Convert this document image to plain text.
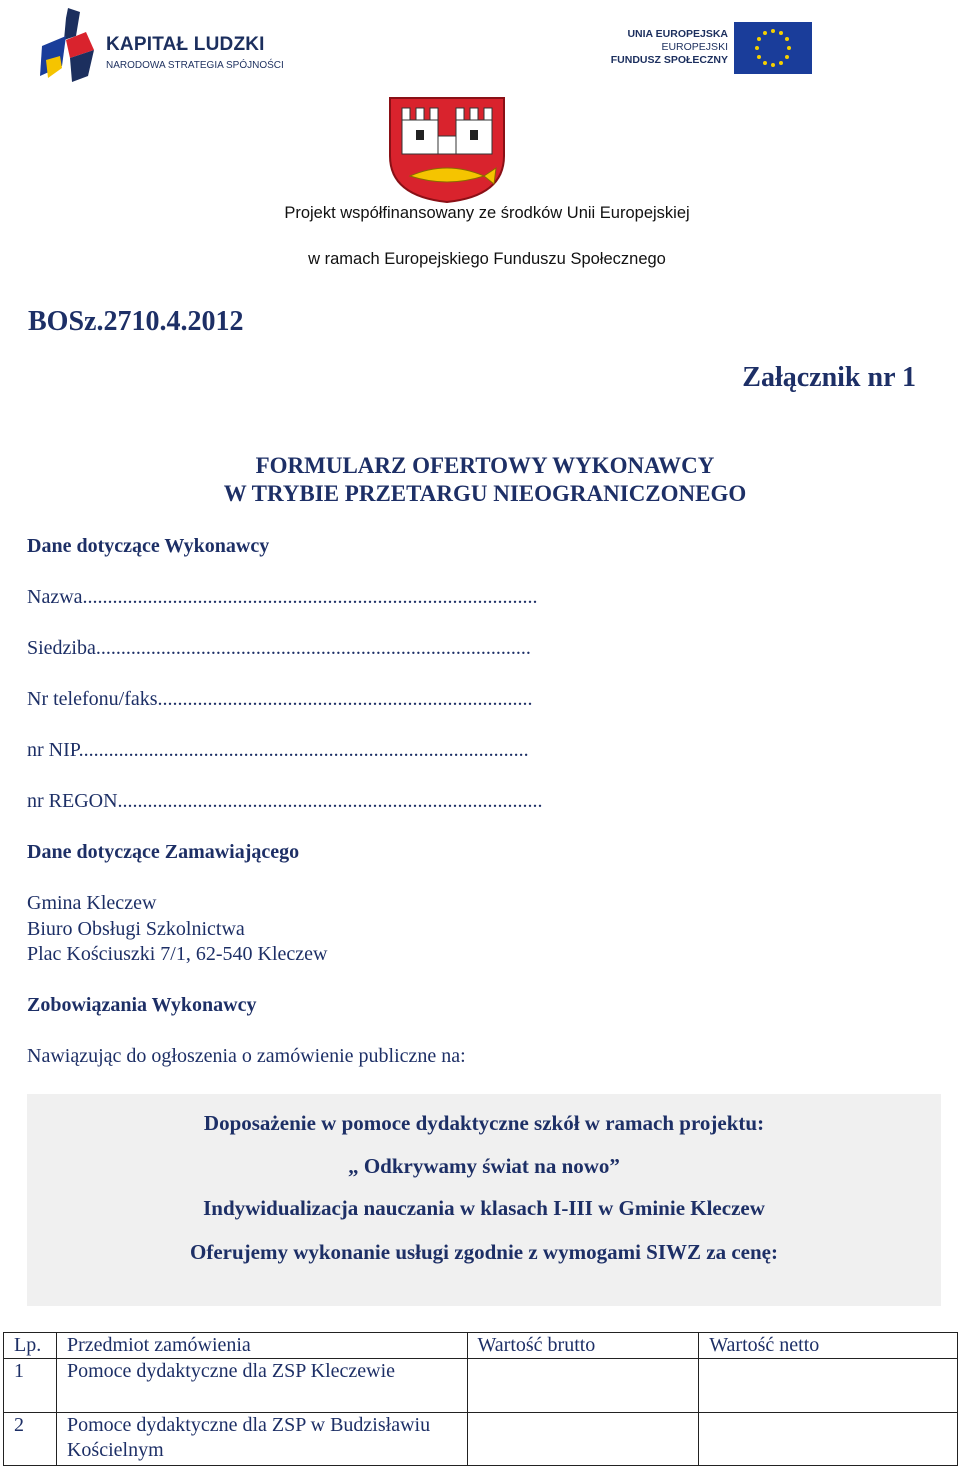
KAPITAŁ LUDZKI
NARODOWA STRATEGIA SPÓJNOŚCI
UNIA EUROPEJSKA
EUROPEJSKI
FUNDUSZ SPOŁECZNY
Projekt współfinansowany ze środków Unii Europejskiej
w ramach Europejskiego Funduszu Społecznego
BOSz.2710.4.2012
Załącznik nr 1
FORMULARZ OFERTOWY WYKONAWCY
W TRYBIE PRZETARGU NIEOGRANICZONEGO
Dane dotyczące Wykonawcy
Nazwa...........................................................................................
Siedziba.......................................................................................
Nr telefonu/faks...........................................................................
nr NIP..........................................................................................
nr REGON.....................................................................................
Dane dotyczące Zamawiającego
Gmina Kleczew
Biuro Obsługi Szkolnictwa
Plac Kościuszki 7/1, 62-540 Kleczew
Zobowiązania Wykonawcy
Nawiązując do ogłoszenia o zamówienie publiczne na:
Doposażenie w pomoce dydaktyczne szkół w ramach projektu:
„ Odkrywamy świat na nowo”
Indywidualizacja nauczania w klasach I-III w Gminie Kleczew
Oferujemy wykonanie usługi zgodnie z wymogami SIWZ za cenę:
Lp.	Przedmiot zamówienia	Wartość brutto	Wartość netto
1	Pomoce dydaktyczne dla ZSP Kleczewie		
2	Pomoce dydaktyczne dla ZSP w Budzisławiu Kościelnym		
